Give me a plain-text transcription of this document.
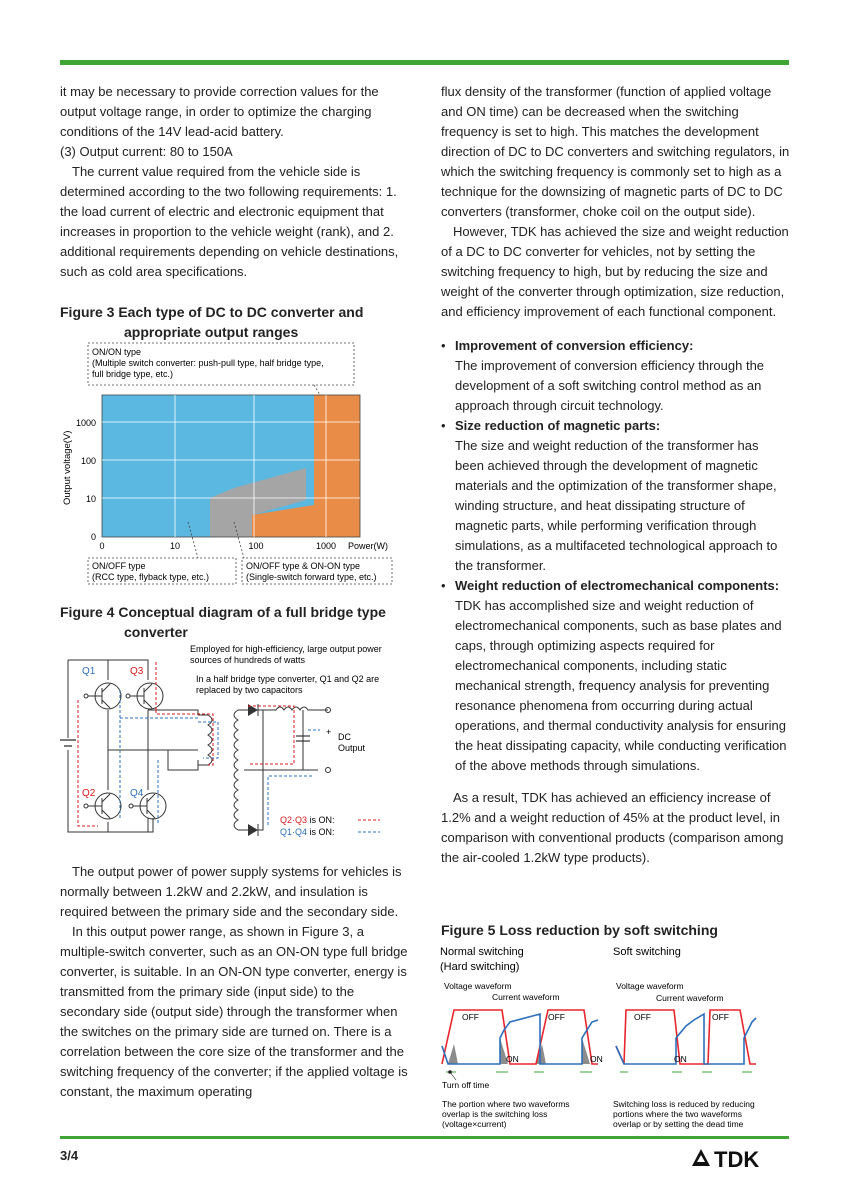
it may be necessary to provide correction values for the output voltage range, in order to optimize the charging conditions of the 14V lead-acid battery.

(3) Output current: 80 to 150A

The current value required from the vehicle side is determined according to the two following requirements: 1. the load current of electric and electronic equipment that increases in proportion to the vehicle weight (rank), and 2. additional requirements depending on vehicle destinations, such as cold area specifications.

Figure 3 Each type of DC to DC converter and
appropriate output ranges
ON/ON type
(Multiple switch converter: push-pull type, half bridge type,
full bridge type, etc.)
Output voltage(V)
1000
100
10
0
0	10	100	1000 Power(W)
ON/OFF type
(RCC type, flyback type, etc.)
ON/OFF type & ON-ON type
(Single-switch forward type, etc.)
Figure 4 Conceptual diagram of a full bridge type
converter
Employed for high-efficiency, large output power
sources of hundreds of watts
In a half bridge type converter, Q1 and Q2 are
replaced by two capacitors
Q1	Q3
Q2	Q4
+ DC
Output
Q2·Q3 is ON:
Q1·Q4 is ON:

The output power of power supply systems for vehicles is normally between 1.2kW and 2.2kW, and insulation is required between the primary side and the secondary side.

In this output power range, as shown in Figure 3, a multiple-switch converter, such as an ON-ON type full bridge converter, is suitable. In an ON-ON type converter, energy is transmitted from the primary side (input side) to the secondary side (output side) through the transformer when the switches on the primary side are turned on. There is a correlation between the core size of the transformer and the switching frequency of the converter; if the applied voltage is constant, the maximum operating

flux density of the transformer (function of applied voltage and ON time) can be decreased when the switching frequency is set to high. This matches the development direction of DC to DC converters and switching regulators, in which the switching frequency is commonly set to high as a technique for the downsizing of magnetic parts of DC to DC converters (transformer, choke coil on the output side).

However, TDK has achieved the size and weight reduction of a DC to DC converter for vehicles, not by setting the switching frequency to high, but by reducing the size and weight of the converter through optimization, size reduction, and efficiency improvement of each functional component.

• Improvement of conversion efficiency:
The improvement of conversion efficiency through the development of a soft switching control method as an approach through circuit technology.

• Size reduction of magnetic parts:
The size and weight reduction of the transformer has been achieved through the development of magnetic materials and the optimization of the transformer shape, winding structure, and heat dissipating structure of magnetic parts, while performing verification through simulations, as a multifaceted technological approach to the transformer.

• Weight reduction of electromechanical components:
TDK has accomplished size and weight reduction of electromechanical components, such as base plates and caps, through optimizing aspects required for electromechanical components, including static mechanical strength, frequency analysis for preventing resonance phenomena from occurring during actual operations, and thermal conductivity analysis for ensuring the heat dissipating capacity, while conducting verification of the above methods through simulations.

As a result, TDK has achieved an efficiency increase of 1.2% and a weight reduction of 45% at the product level, in comparison with conventional products (comparison among the air-cooled 1.2kW type products).

Figure 5 Loss reduction by soft switching
Normal switching
(Hard switching)
Soft switching
Voltage waveform
Current waveform
OFF	OFF
ON	ON
Turn off time
The portion where two waveforms
overlap is the switching loss
(voltage×current)
Voltage waveform
Current waveform
OFF	OFF
ON
Switching loss is reduced by reducing
portions where the two waveforms
overlap or by setting the dead time
3/4	TDK
